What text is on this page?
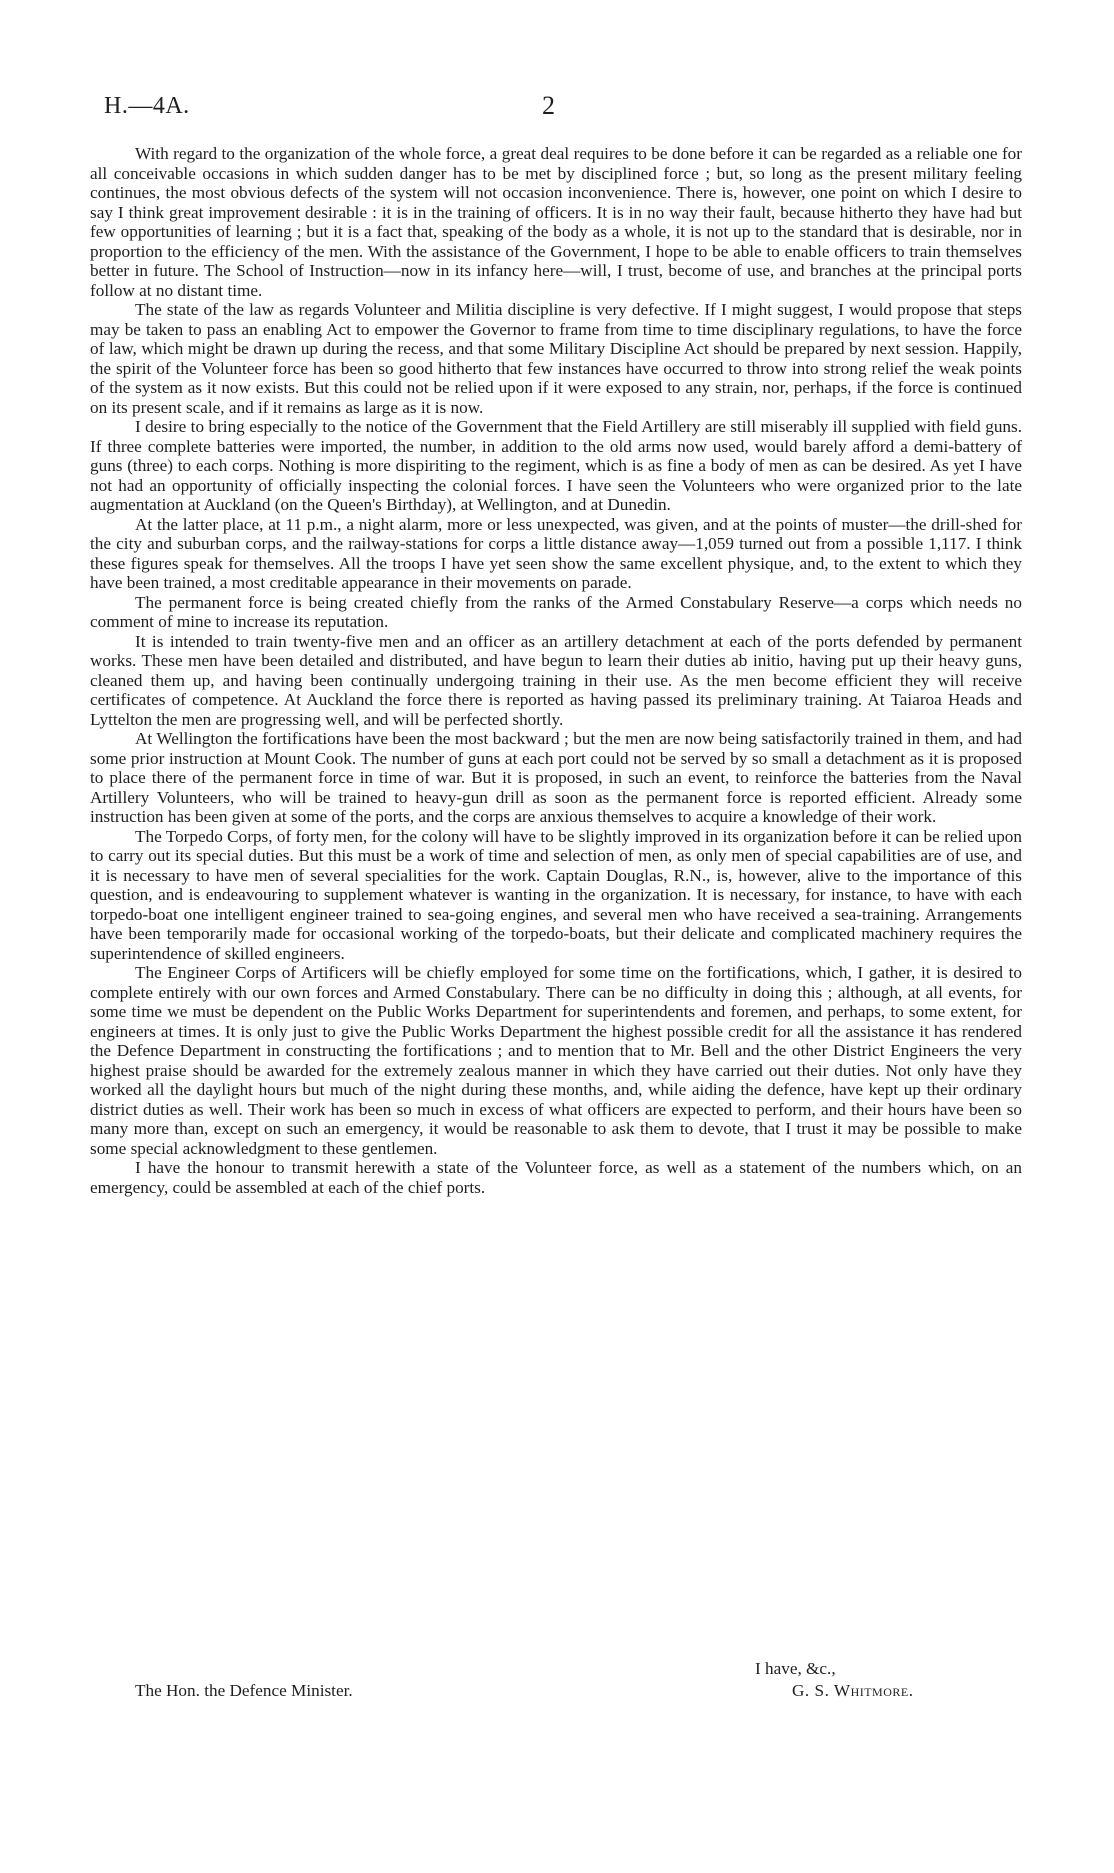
H.—4A.	2

With regard to the organization of the whole force, a great deal requires to be done before it can be regarded as a reliable one for all conceivable occasions in which sudden danger has to be met by disciplined force ; but, so long as the present military feeling continues, the most obvious defects of the system will not occasion inconvenience. There is, however, one point on which I desire to say I think great improvement desirable : it is in the training of officers. It is in no way their fault, because hitherto they have had but few opportunities of learning ; but it is a fact that, speaking of the body as a whole, it is not up to the standard that is desirable, nor in proportion to the efficiency of the men. With the assistance of the Government, I hope to be able to enable officers to train themselves better in future. The School of Instruction—now in its infancy here—will, I trust, become of use, and branches at the principal ports follow at no distant time.

The state of the law as regards Volunteer and Militia discipline is very defective. If I might suggest, I would propose that steps may be taken to pass an enabling Act to empower the Governor to frame from time to time disciplinary regulations, to have the force of law, which might be drawn up during the recess, and that some Military Discipline Act should be prepared by next session. Happily, the spirit of the Volunteer force has been so good hitherto that few instances have occurred to throw into strong relief the weak points of the system as it now exists. But this could not be relied upon if it were exposed to any strain, nor, perhaps, if the force is continued on its present scale, and if it remains as large as it is now.

I desire to bring especially to the notice of the Government that the Field Artillery are still miserably ill supplied with field guns. If three complete batteries were imported, the number, in addition to the old arms now used, would barely afford a demi-battery of guns (three) to each corps. Nothing is more dispiriting to the regiment, which is as fine a body of men as can be desired. As yet I have not had an opportunity of officially inspecting the colonial forces. I have seen the Volunteers who were organized prior to the late augmentation at Auckland (on the Queen's Birthday), at Wellington, and at Dunedin.

At the latter place, at 11 p.m., a night alarm, more or less unexpected, was given, and at the points of muster—the drill-shed for the city and suburban corps, and the railway-stations for corps a little distance away—1,059 turned out from a possible 1,117. I think these figures speak for themselves. All the troops I have yet seen show the same excellent physique, and, to the extent to which they have been trained, a most creditable appearance in their movements on parade.

The permanent force is being created chiefly from the ranks of the Armed Constabulary Reserve—a corps which needs no comment of mine to increase its reputation.

It is intended to train twenty-five men and an officer as an artillery detachment at each of the ports defended by permanent works. These men have been detailed and distributed, and have begun to learn their duties ab initio, having put up their heavy guns, cleaned them up, and having been continually undergoing training in their use. As the men become efficient they will receive certificates of competence. At Auckland the force there is reported as having passed its preliminary training. At Taiaroa Heads and Lyttelton the men are progressing well, and will be perfected shortly.

At Wellington the fortifications have been the most backward ; but the men are now being satisfactorily trained in them, and had some prior instruction at Mount Cook. The number of guns at each port could not be served by so small a detachment as it is proposed to place there of the permanent force in time of war. But it is proposed, in such an event, to reinforce the batteries from the Naval Artillery Volunteers, who will be trained to heavy-gun drill as soon as the permanent force is reported efficient. Already some instruction has been given at some of the ports, and the corps are anxious themselves to acquire a knowledge of their work.

The Torpedo Corps, of forty men, for the colony will have to be slightly improved in its organization before it can be relied upon to carry out its special duties. But this must be a work of time and selection of men, as only men of special capabilities are of use, and it is necessary to have men of several specialities for the work. Captain Douglas, R.N., is, however, alive to the importance of this question, and is endeavouring to supplement whatever is wanting in the organization. It is necessary, for instance, to have with each torpedo-boat one intelligent engineer trained to sea-going engines, and several men who have received a sea-training. Arrangements have been temporarily made for occasional working of the torpedo-boats, but their delicate and complicated machinery requires the superintendence of skilled engineers.

The Engineer Corps of Artificers will be chiefly employed for some time on the fortifications, which, I gather, it is desired to complete entirely with our own forces and Armed Constabulary. There can be no difficulty in doing this ; although, at all events, for some time we must be dependent on the Public Works Department for superintendents and foremen, and perhaps, to some extent, for engineers at times. It is only just to give the Public Works Department the highest possible credit for all the assistance it has rendered the Defence Department in constructing the fortifications ; and to mention that to Mr. Bell and the other District Engineers the very highest praise should be awarded for the extremely zealous manner in which they have carried out their duties. Not only have they worked all the daylight hours but much of the night during these months, and, while aiding the defence, have kept up their ordinary district duties as well. Their work has been so much in excess of what officers are expected to perform, and their hours have been so many more than, except on such an emergency, it would be reasonable to ask them to devote, that I trust it may be possible to make some special acknowledgment to these gentlemen.

I have the honour to transmit herewith a state of the Volunteer force, as well as a statement of the numbers which, on an emergency, could be assembled at each of the chief ports.

I have, &c.,
The Hon. the Defence Minister.	G. S. Whitmore.
